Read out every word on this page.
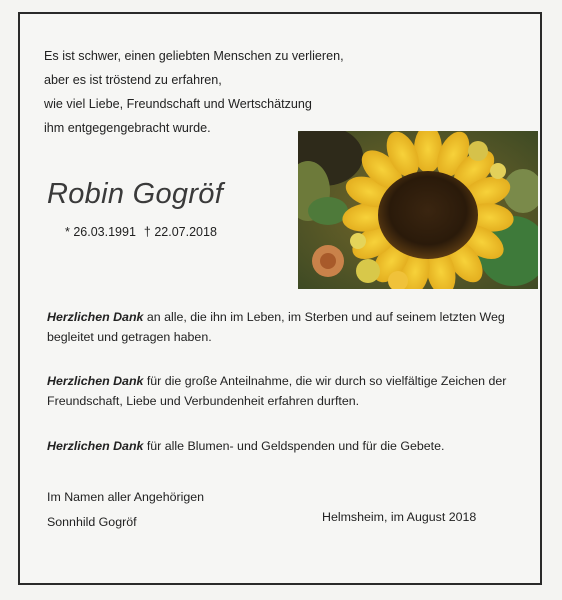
Es ist schwer, einen geliebten Menschen zu verlieren,
aber es ist tröstend zu erfahren,
wie viel Liebe, Freundschaft und Wertschätzung
ihm entgegengebracht wurde.
Robin Gogröf
* 26.03.1991 † 22.07.2018
Herzlichen Dank an alle, die ihn im Leben, im Sterben und auf seinem letzten Weg begleitet und getragen haben.
Herzlichen Dank für die große Anteilnahme, die wir durch so vielfältige Zeichen der Freundschaft, Liebe und Verbundenheit erfahren durften.
Herzlichen Dank für alle Blumen- und Geldspenden und für die Gebete.
Im Namen aller Angehörigen
Sonnhild Gogröf	Helmsheim, im August 2018
